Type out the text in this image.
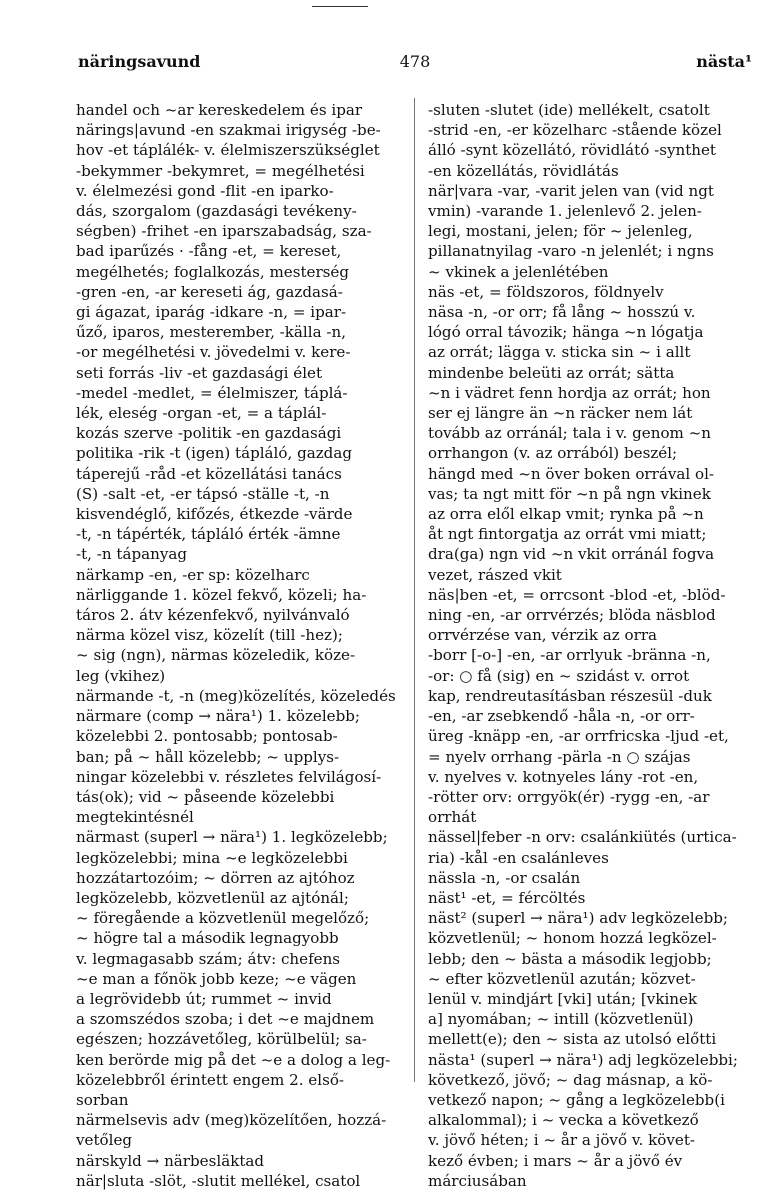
näringsavund	478	nästa¹
handel och ~ar kereskedelem és ipar
närings|avund -en szakmai irigység -be-
hov -et táplálék- v. élelmiszerszükséglet
-bekymmer -bekymret, = megélhetési
v. élelmezési gond -flit -en iparko-
dás, szorgalom (gazdasági tevékeny-
ségben) -frihet -en iparszabadság, sza-
bad iparűzés · -fång -et, = kereset,
megélhetés; foglalkozás, mesterség
-gren -en, -ar kereseti ág, gazdasá-
gi ágazat, iparág -idkare -n, = ipar-
űző, iparos, mesterember, -källa -n,
-or megélhetési v. jövedelmi v. kere-
seti forrás -liv -et gazdasági élet
-medel -medlet, = élelmiszer, táplá-
lék, eleség -organ -et, = a táplál-
kozás szerve -politik -en gazdasági
politika -rik -t (igen) tápláló, gazdag
tápereјű -råd -et közellátási tanács
(S) -salt -et, -er tápsó -ställe -t, -n
kisvendéglő, kifőzés, étkezde -värde
-t, -n tápérték, tápláló érték -ämne
-t, -n tápanyag
närkamp -en, -er sp: közelharc
närliggande 1. közel fekvő, közeli; ha-
táros 2. átv kézenfekvő, nyilvánvaló
närma közel visz, közelít (till -hez);
~ sig (ngn), närmas közeledik, köze-
leg (vkihez)
närmande -t, -n (meg)közelítés, közeledés
närmare (comp → nära¹) 1. közelebb;
közelebbi 2. pontosabb; pontosab-
ban; på ~ håll közelebb; ~ upplys-
ningar közelebbi v. részletes felvilágosí-
tás(ok); vid ~ påseende közelebbi
megtekintésnél
närmast (superl → nära¹) 1. legközelebb;
legközelebbi; mina ~e legközelebbi
hozzátartozóim; ~ dörren az ajtóhoz
legközelebb, közvetlenül az ajtónál;
~ föregående a közvetlenül megelőző;
~ högre tal a második legnagyobb
v. legmagasabb szám; átv: chefens
~e man a főnök jobb keze; ~e vägen
a legrövidebb út; rummet ~ invid
a szomszédos szoba; i det ~e majdnem
egészen; hozzávetőleg, körülbelül; sa-
ken berörde mig på det ~e a dolog a leg-
közelebbről érintett engem 2. első-
sorban
närmelsevis adv (meg)közelítően, hozzá-
vetőleg
närskyld → närbesläktad
när|sluta -slöt, -slutit mellékel, csatol
-sluten -slutet (ide) mellékelt, csatolt
-strid -en, -er közelharc -stående közel
álló -synt közellátó, rövidlátó -synthet
-en közellátás, rövidlátás
när|vara -var, -varit jelen van (vid ngt
vmin) -varande 1. jelenlevő 2. jelen-
legi, mostani, jelen; för ~ jelenleg,
pillanatnyilag -varo -n jelenlét; i ngns
~ vkinek a jelenlétében
näs -et, = földszoros, földnyelv
näsa -n, -or orr; få lång ~ hosszú v.
lógó orral távozik; hänga ~n lógatja
az orrát; lägga v. sticka sin ~ i allt
mindenbe beleüti az orrát; sätta
~n i vädret fenn hordja az orrát; hon
ser ej längre än ~n räcker nem lát
tovább az orránál; tala i v. genom ~n
orrhangon (v. az orrából) beszél;
hängd med ~n över boken orrával ol-
vas; ta ngt mitt för ~n på ngn vkinek
az orra elől elkap vmit; rynka på ~n
åt ngt fintorgatja az orrát vmi miatt;
dra(ga) ngn vid ~n vkit orránál fogva
vezet, rászed vkit
näs|ben -et, = orrcsont -blod -et, -blöd-
ning -en, -ar orrvérzés; blöda näsblod
orrvérzése van, vérzik az orra
-borr [-o-] -en, -ar orrlyuk -bränna -n,
-or: ○ få (sig) en ~ szidást v. orrot
kap, rendreutasításban részesül -duk
-en, -ar zsebkendő -håla -n, -or orr-
üreg -knäpp -en, -ar orrfricska -ljud -et,
= nyelv orrhang -pärla -n ○ szájas
v. nyelves v. kotnyeles lány -rot -en,
-rötter orv: orrgyök(ér) -rygg -en, -ar
orrhát
nässel|feber -n orv: csalánkiütés (urtica-
ria) -kål -en csalánleves
nässla -n, -or csalán
näst¹ -et, = fércöltés
näst² (superl → nära¹) adv legközelebb;
közvetlenül; ~ honom hozzá legközel-
lebb; den ~ bästa a második legjobb;
~ efter közvetlenül azután; közvet-
lenül v. mindjárt [vki] után; [vkinek
a] nyomában; ~ intill (közvetlenül)
mellett(e); den ~ sista az utolsó előtti
nästa¹ (superl → nära¹) adj legközelebbi;
következő, jövő; ~ dag másnap, a kö-
vetkező napon; ~ gång a legközelebb(i
alkalommal); i ~ vecka a következő
v. jövő héten; i ~ år a jövő v. követ-
kező évben; i mars ~ år a jövő év
márciusában
